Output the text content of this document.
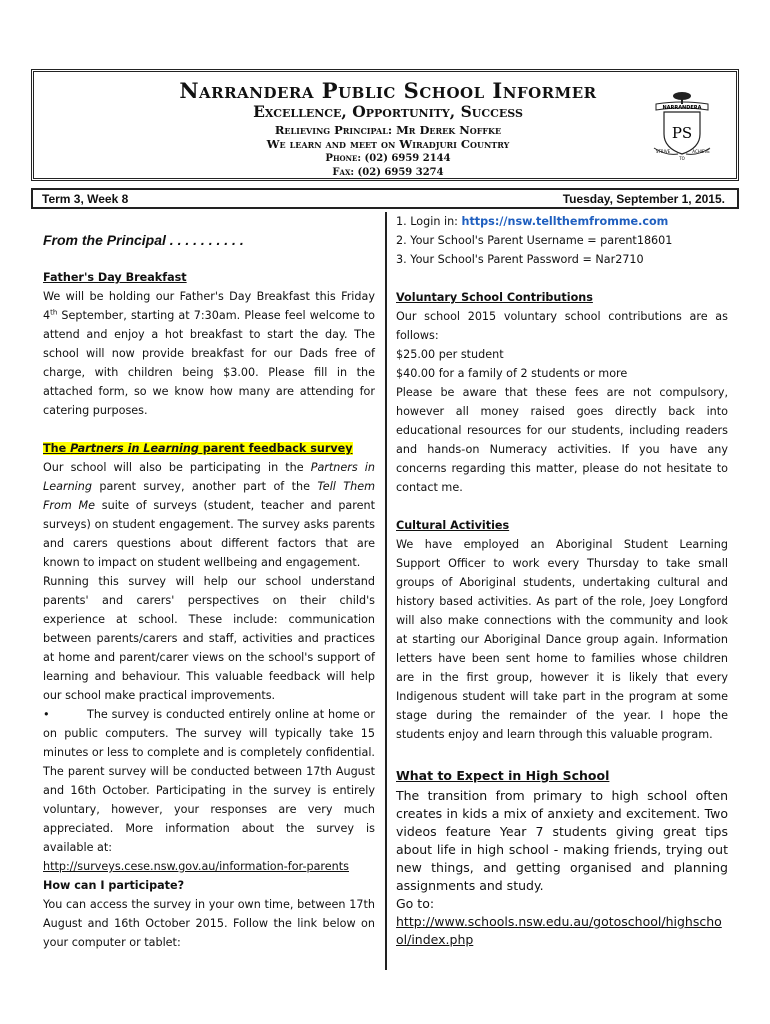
Narrandera Public School Informer
Excellence, Opportunity, Success
Relieving Principal: Mr Derek Noffke
We learn and meet on Wiradjuri Country
Phone: (02) 6959 2144
Fax: (02) 6959 3274
NARRANDERA
PS
STRIVE
TO
ACHIEVE
Term 3, Week 8	Tuesday, September 1, 2015.
From the Principal . . . . . . . . . .
Father's Day Breakfast

We will be holding our Father's Day Breakfast this Friday 4th September, starting at 7:30am. Please feel welcome to attend and enjoy a hot breakfast to start the day. The school will now provide breakfast for our Dads free of charge, with children being $3.00. Please fill in the attached form, so we know how many are attending for catering purposes.

The Partners in Learning parent feedback survey

Our school will also be participating in the Partners in Learning parent survey, another part of the Tell Them From Me suite of surveys (student, teacher and parent surveys) on student engagement. The survey asks parents and carers questions about different factors that are known to impact on student wellbeing and engagement.

Running this survey will help our school understand parents' and carers' perspectives on their child's experience at school. These include: communication between parents/carers and staff, activities and practices at home and parent/carer views on the school's support of learning and behaviour. This valuable feedback will help our school make practical improvements.

•	The survey is conducted entirely online at home or on public computers. The survey will typically take 15 minutes or less to complete and is completely confidential. The parent survey will be conducted between 17th August and 16th October. Participating in the survey is entirely voluntary, however, your responses are very much appreciated. More information about the survey is available at:

http://surveys.cese.nsw.gov.au/information-for-parents

How can I participate?

You can access the survey in your own time, between 17th August and 16th October 2015. Follow the link below on your computer or tablet:

1. Login in: https://nsw.tellthemfromme.com
2. Your School's Parent Username = parent18601
3. Your School's Parent Password = Nar2710
Voluntary School Contributions

Our school 2015 voluntary school contributions are as follows:

$25.00 per student
$40.00 for a family of 2 students or more

Please be aware that these fees are not compulsory, however all money raised goes directly back into educational resources for our students, including readers and hands-on Numeracy activities. If you have any concerns regarding this matter, please do not hesitate to contact me.

Cultural Activities

We have employed an Aboriginal Student Learning Support Officer to work every Thursday to take small groups of Aboriginal students, undertaking cultural and history based activities. As part of the role, Joey Longford will also make connections with the community and look at starting our Aboriginal Dance group again. Information letters have been sent home to families whose children are in the first group, however it is likely that every Indigenous student will take part in the program at some stage during the remainder of the year. I hope the students enjoy and learn through this valuable program.

What to Expect in High School

The transition from primary to high school often creates in kids a mix of anxiety and excitement. Two videos feature Year 7 students giving great tips about life in high school - making friends, trying out new things, and getting organised and planning assignments and study.

Go to:

http://www.schools.nsw.edu.au/gotoschool/highschool/index.php
